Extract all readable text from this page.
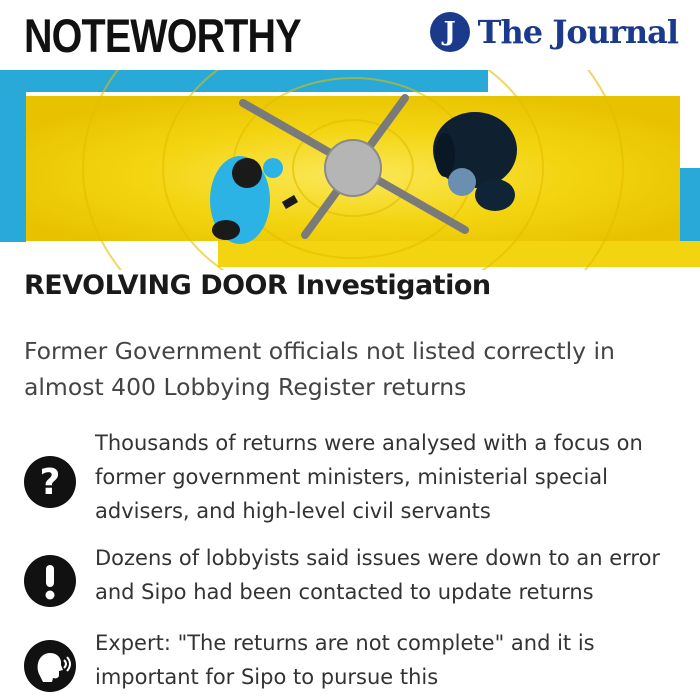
NOTEWORTHY	J The Journal
REVOLVING DOOR Investigation
Former Government officials not listed correctly in almost 400 Lobbying Register returns
?
Thousands of returns were analysed with a focus on former government ministers, ministerial special advisers, and high-level civil servants
Dozens of lobbyists said issues were down to an error and Sipo had been contacted to update returns
Expert: "The returns are not complete" and it is important for Sipo to pursue this
